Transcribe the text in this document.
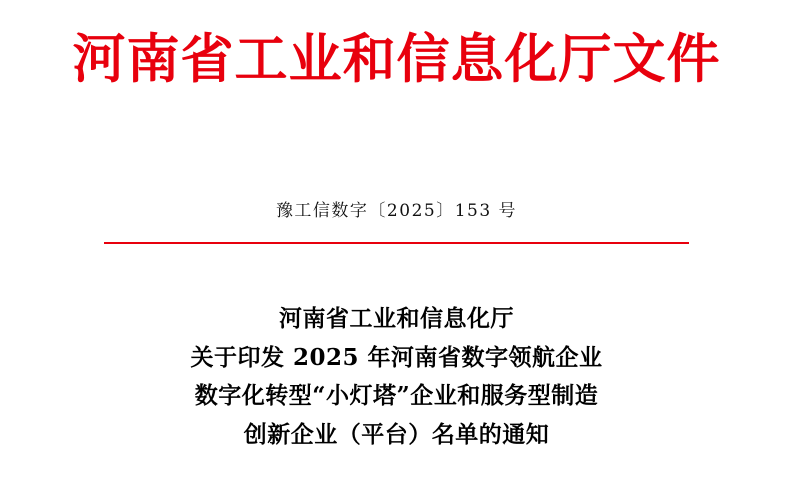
河南省工业和信息化厅文件
豫工信数字〔2025〕153 号
河南省工业和信息化厅
关于印发 2025 年河南省数字领航企业
数字化转型“小灯塔”企业和服务型制造
创新企业（平台）名单的通知
